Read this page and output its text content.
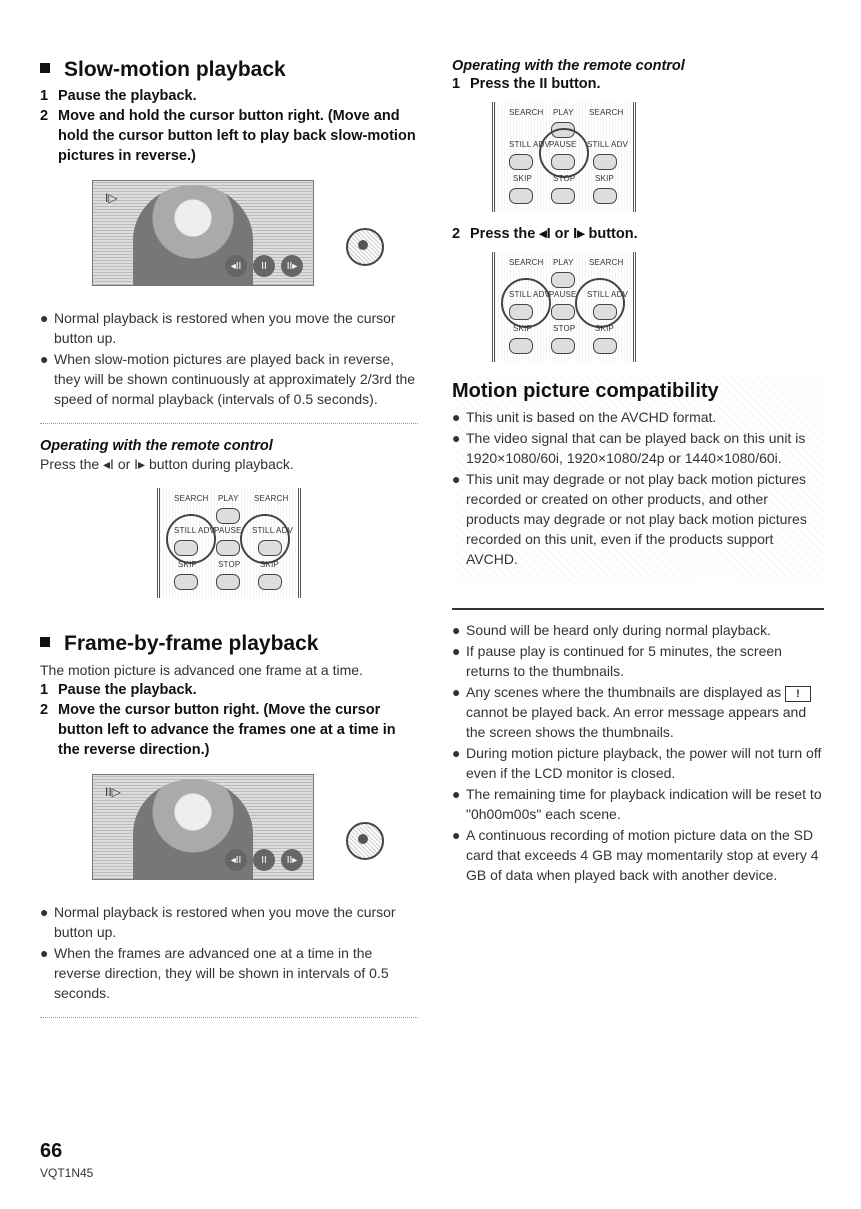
Slow-motion playback
1 Pause the playback.
2 Move and hold the cursor button right. (Move and hold the cursor button left to play back slow-motion pictures in reverse.)
I▷
◂II	II	II▸
● Normal playback is restored when you move the cursor button up.
● When slow-motion pictures are played back in reverse, they will be shown continuously at approximately 2/3rd the speed of normal playback (intervals of 0.5 seconds).
Operating with the remote control
Press the ◂I or I▸ button during playback.
SEARCH PLAY SEARCH
STILL ADV
PAUSE STILL ADV
SKIP	STOP SKIP
Frame-by-frame playback
The motion picture is advanced one frame at a time.
1 Pause the playback.
2 Move the cursor button right. (Move the cursor button left to advance the frames one at a time in the reverse direction.)
II▷
◂II	II	II▸
● Normal playback is restored when you move the cursor button up.
● When the frames are advanced one at a time in the reverse direction, they will be shown in intervals of 0.5 seconds.
Operating with the remote control
1 Press the II button.
SEARCH PLAY SEARCH
STILL ADV
PAUSE STILL ADV
SKIP	STOP SKIP
2 Press the ◂I or I▸ button.
SEARCH PLAY SEARCH
STILL ADV
PAUSE STILL ADV
SKIP	STOP SKIP
Motion picture compatibility
● This unit is based on the AVCHD format.
● The video signal that can be played back on this unit is 1920×1080/60i, 1920×1080/24p or 1440×1080/60i.
● This unit may degrade or not play back motion pictures recorded or created on other products, and other products may degrade or not play back motion pictures recorded on this unit, even if the products support AVCHD.
● Sound will be heard only during normal playback.
● If pause play is continued for 5 minutes, the screen returns to the thumbnails.
● Any scenes where the thumbnails are displayed as ! cannot be played back. An error message appears and the screen shows the thumbnails.
● During motion picture playback, the power will not turn off even if the LCD monitor is closed.
● The remaining time for playback indication will be reset to "0h00m00s" each scene.
● A continuous recording of motion picture data on the SD card that exceeds 4 GB may momentarily stop at every 4 GB of data when played back with another device.
66
VQT1N45
